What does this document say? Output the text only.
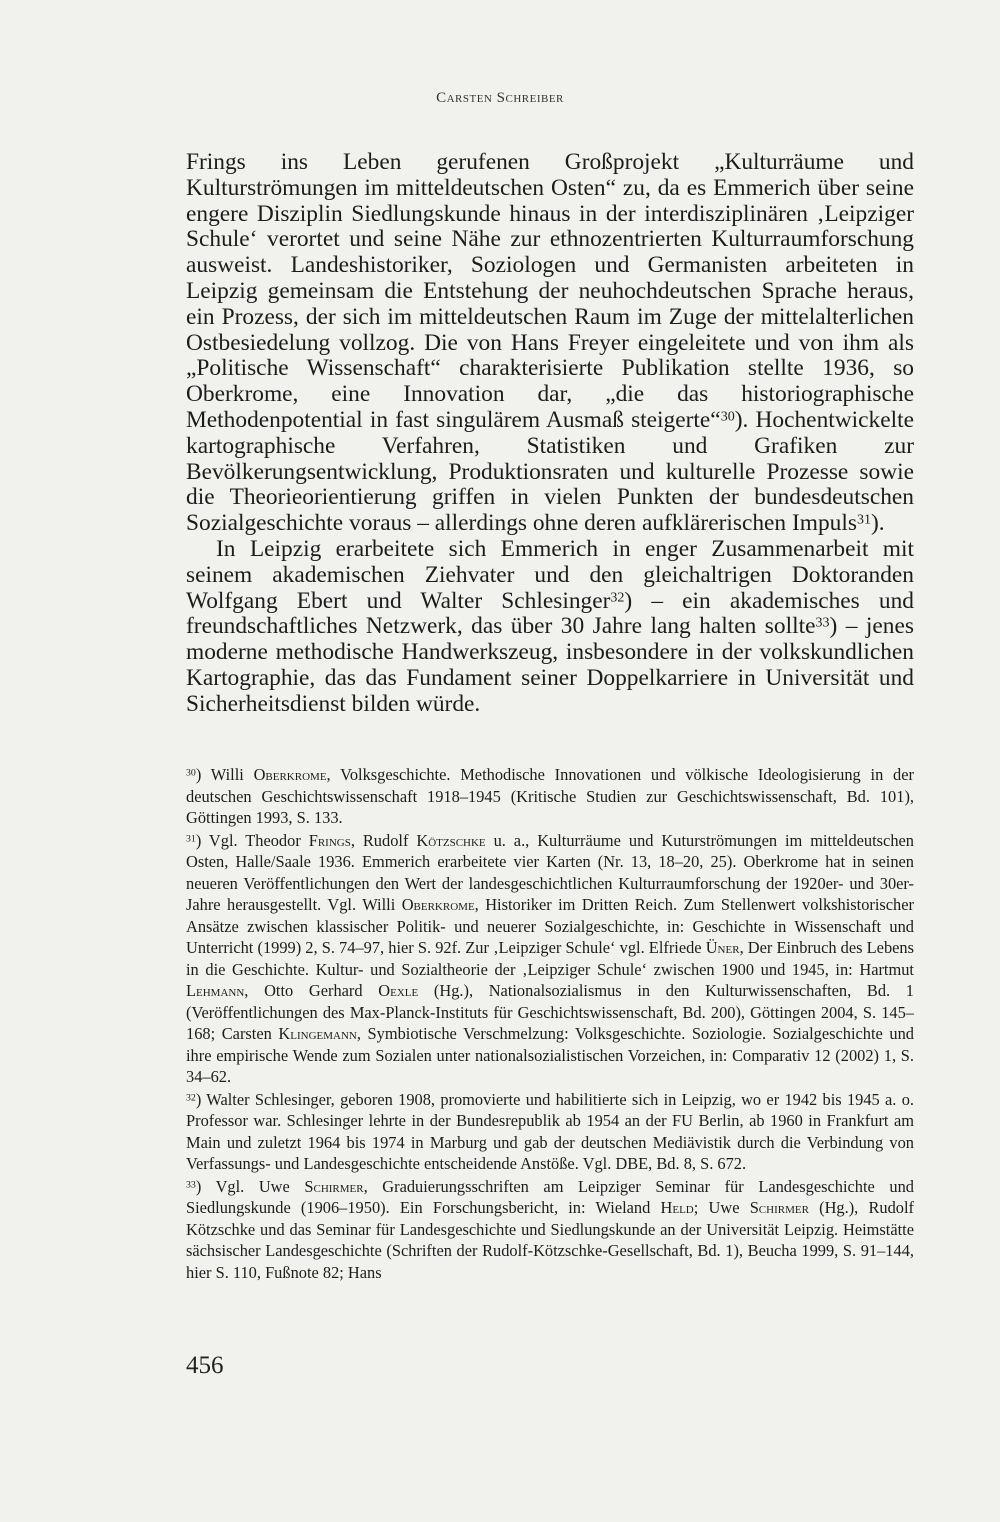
Carsten Schreiber

Frings ins Leben gerufenen Großprojekt „Kulturräume und Kulturströmungen im mitteldeutschen Osten“ zu, da es Emmerich über seine engere Disziplin Siedlungskunde hinaus in der interdisziplinären ‚Leipziger Schule‘ verortet und seine Nähe zur ethnozentrierten Kulturraumforschung ausweist. Landeshistoriker, Soziologen und Germanisten arbeiteten in Leipzig gemeinsam die Entstehung der neuhochdeutschen Sprache heraus, ein Prozess, der sich im mitteldeutschen Raum im Zuge der mittelalterlichen Ostbesiedelung vollzog. Die von Hans Freyer eingeleitete und von ihm als „Politische Wissenschaft“ charakterisierte Publikation stellte 1936, so Oberkrome, eine Innovation dar, „die das historiographische Methodenpotential in fast singulärem Ausmaß steigerte“$^{30}$). Hochentwickelte kartographische Verfahren, Statistiken und Grafiken zur Bevölkerungsentwicklung, Produktionsraten und kulturelle Prozesse sowie die Theorieorientierung griffen in vielen Punkten der bundesdeutschen Sozialgeschichte voraus – allerdings ohne deren aufklärerischen Impuls$^{31}$).

In Leipzig erarbeitete sich Emmerich in enger Zusammenarbeit mit seinem akademischen Ziehvater und den gleichaltrigen Doktoranden Wolfgang Ebert und Walter Schlesinger$^{32}$) – ein akademisches und freundschaftliches Netzwerk, das über 30 Jahre lang halten sollte$^{33}$) – jenes moderne methodische Handwerkszeug, insbesondere in der volkskundlichen Kartographie, das das Fundament seiner Doppelkarriere in Universität und Sicherheitsdienst bilden würde.

$^{30}$) Willi Oberkrome, Volksgeschichte. Methodische Innovationen und völkische Ideologisierung in der deutschen Geschichtswissenschaft 1918–1945 (Kritische Studien zur Geschichtswissenschaft, Bd. 101), Göttingen 1993, S. 133.

$^{31}$) Vgl. Theodor Frings, Rudolf Kötzschke u. a., Kulturräume und Kuturströmungen im mitteldeutschen Osten, Halle/Saale 1936. Emmerich erarbeitete vier Karten (Nr. 13, 18–20, 25). Oberkrome hat in seinen neueren Veröffentlichungen den Wert der landesgeschichtlichen Kulturraumforschung der 1920er- und 30er-Jahre herausgestellt. Vgl. Willi Oberkrome, Historiker im Dritten Reich. Zum Stellenwert volkshistorischer Ansätze zwischen klassischer Politik- und neuerer Sozialgeschichte, in: Geschichte in Wissenschaft und Unterricht (1999) 2, S. 74–97, hier S. 92f. Zur ‚Leipziger Schule‘ vgl. Elfriede Üner, Der Einbruch des Lebens in die Geschichte. Kultur- und Sozialtheorie der ‚Leipziger Schule‘ zwischen 1900 und 1945, in: Hartmut Lehmann, Otto Gerhard Oexle (Hg.), Nationalsozialismus in den Kulturwissenschaften, Bd. 1 (Veröffentlichungen des Max-Planck-Instituts für Geschichtswissenschaft, Bd. 200), Göttingen 2004, S. 145–168; Carsten Klingemann, Symbiotische Verschmelzung: Volksgeschichte. Soziologie. Sozialgeschichte und ihre empirische Wende zum Sozialen unter nationalsozialistischen Vorzeichen, in: Comparativ 12 (2002) 1, S. 34–62.

$^{32}$) Walter Schlesinger, geboren 1908, promovierte und habilitierte sich in Leipzig, wo er 1942 bis 1945 a. o. Professor war. Schlesinger lehrte in der Bundesrepublik ab 1954 an der FU Berlin, ab 1960 in Frankfurt am Main und zuletzt 1964 bis 1974 in Marburg und gab der deutschen Mediävistik durch die Verbindung von Verfassungs- und Landesgeschichte entscheidende Anstöße. Vgl. DBE, Bd. 8, S. 672.

$^{33}$) Vgl. Uwe Schirmer, Graduierungsschriften am Leipziger Seminar für Landesgeschichte und Siedlungskunde (1906–1950). Ein Forschungsbericht, in: Wieland Held; Uwe Schirmer (Hg.), Rudolf Kötzschke und das Seminar für Landesgeschichte und Siedlungskunde an der Universität Leipzig. Heimstätte sächsischer Landesgeschichte (Schriften der Rudolf-Kötzschke-Gesellschaft, Bd. 1), Beucha 1999, S. 91–144, hier S. 110, Fußnote 82; Hans

456
